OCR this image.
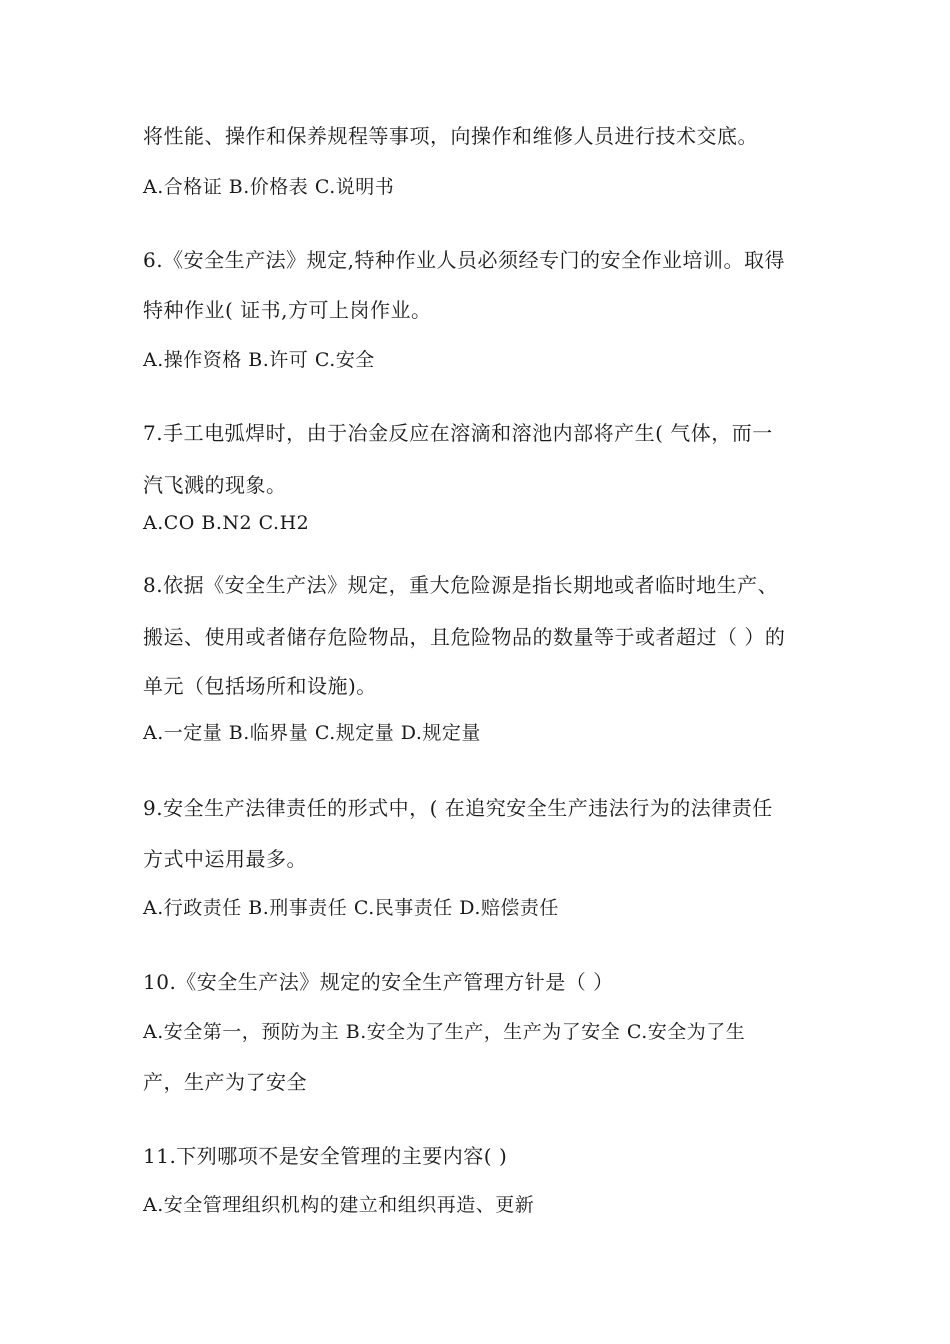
将性能、操作和保养规程等事项，向操作和维修人员进行技术交底。
A.合格证 B.价格表 C.说明书
6.《安全生产法》规定,特种作业人员必须经专门的安全作业培训。取得
特种作业( 证书,方可上岗作业。
A.操作资格 B.许可 C.安全
7.手工电弧焊时，由于冶金反应在溶滴和溶池内部将产生( 气体，而一
汽飞溅的现象。
A.CO B.N2 C.H2
8.依据《安全生产法》规定，重大危险源是指长期地或者临时地生产、
搬运、使用或者储存危险物品，且危险物品的数量等于或者超过（ ）的
单元（包括场所和设施)。
A.一定量 B.临界量 C.规定量 D.规定量
9.安全生产法律责任的形式中，( 在追究安全生产违法行为的法律责任
方式中运用最多。
A.行政责任 B.刑事责任 C.民事责任 D.赔偿责任
10.《安全生产法》规定的安全生产管理方针是（ ）
A.安全第一，预防为主 B.安全为了生产，生产为了安全 C.安全为了生
产，生产为了安全
11.下列哪项不是安全管理的主要内容( )
A.安全管理组织机构的建立和组织再造、更新
